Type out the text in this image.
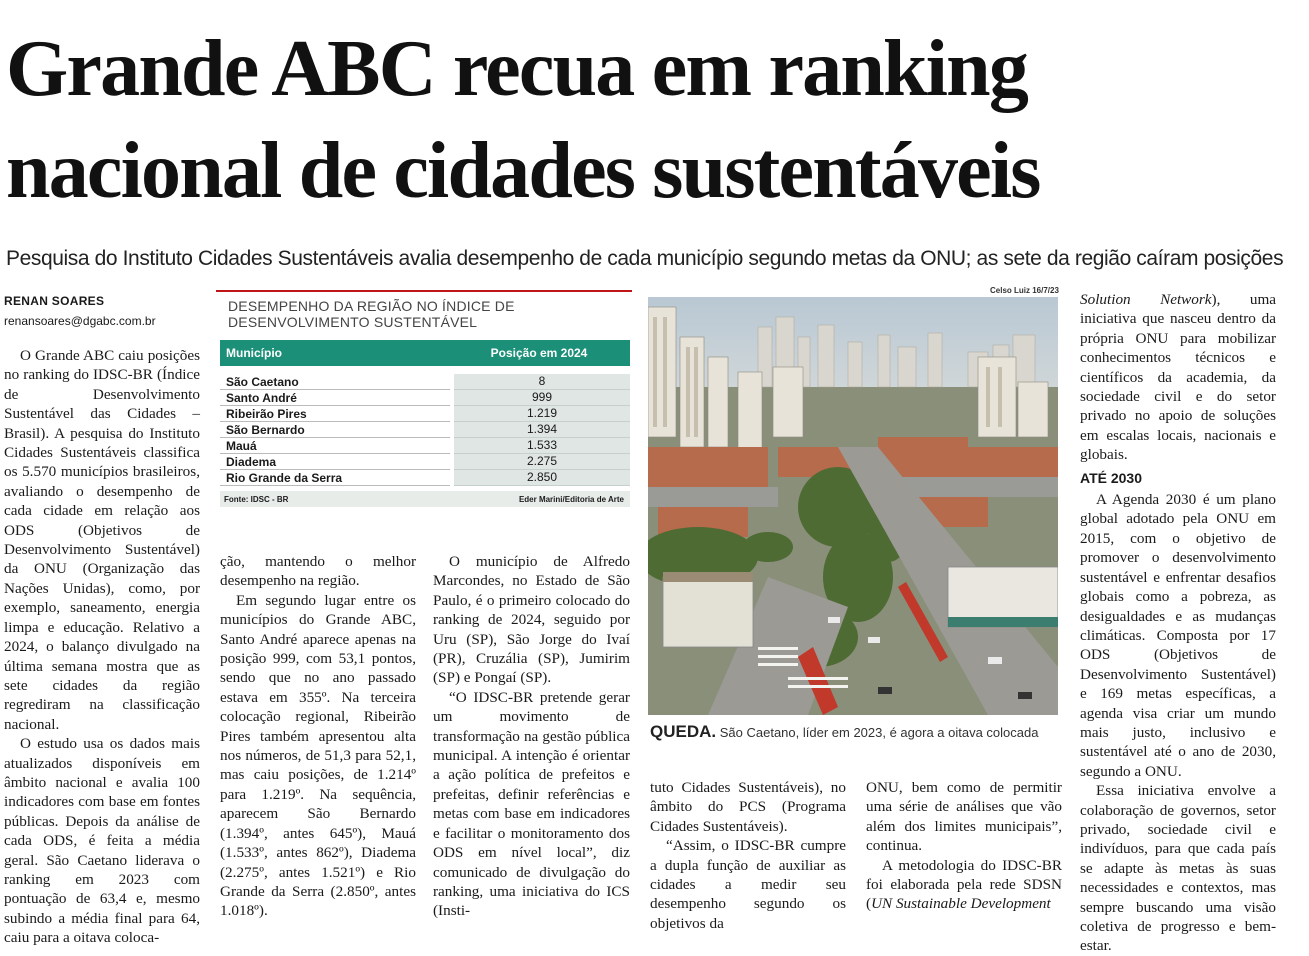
Grande ABC recua em ranking nacional de cidades sustentáveis

Pesquisa do Instituto Cidades Sustentáveis avalia desempenho de cada município segundo metas da ONU; as sete da região caíram posições

RENAN SOARES
renansoares@dgabc.com.br

O Grande ABC caiu posições no ranking do IDSC-BR (Índice de Desenvolvimento Sustentável das Cidades – Brasil). A pesquisa do Instituto Cidades Sustentáveis classifica os 5.570 municípios brasileiros, avaliando o desempenho de cada cidade em relação aos ODS (Objetivos de Desenvolvimento Sustentável) da ONU (Organização das Nações Unidas), como, por exemplo, saneamento, energia limpa e educação. Relativo a 2024, o balanço divulgado na última semana mostra que as sete cidades da região regrediram na classificação nacional.

O estudo usa os dados mais atualizados disponíveis em âmbito nacional e avalia 100 indicadores com base em fontes públicas. Depois da análise de cada ODS, é feita a média geral. São Caetano liderava o ranking em 2023 com pontuação de 63,4 e, mesmo subindo a média final para 64, caiu para a oitava coloca-

DESEMPENHO DA REGIÃO NO ÍNDICE DE DESENVOLVIMENTO SUSTENTÁVEL
Município	Posição em 2024
São Caetano	8
Santo André	999
Ribeirão Pires	1.219
São Bernardo	1.394
Mauá	1.533
Diadema	2.275
Rio Grande da Serra	2.850
Fonte: IDSC - BR	Eder Marini/Editoria de Arte

ção, mantendo o melhor desempenho na região.

Em segundo lugar entre os municípios do Grande ABC, Santo André aparece apenas na posição 999, com 53,1 pontos, sendo que no ano passado estava em 355º. Na terceira colocação regional, Ribeirão Pires também apresentou alta nos números, de 51,3 para 52,1, mas caiu posições, de 1.214º para 1.219º. Na sequência, aparecem São Bernardo (1.394º, antes 645º), Mauá (1.533º, antes 862º), Diadema (2.275º, antes 1.521º) e Rio Grande da Serra (2.850º, antes 1.018º).

O município de Alfredo Marcondes, no Estado de São Paulo, é o primeiro colocado do ranking de 2024, seguido por Uru (SP), São Jorge do Ivaí (PR), Cruzália (SP), Jumirim (SP) e Pongaí (SP).

“O IDSC-BR pretende gerar um movimento de transformação na gestão pública municipal. A intenção é orientar a ação política de prefeitos e prefeitas, definir referências e metas com base em indicadores e facilitar o monitoramento dos ODS em nível local”, diz comunicado de divulgação do ranking, uma iniciativa do ICS (Insti-

Celso Luiz 16/7/23
QUEDA. São Caetano, líder em 2023, é agora a oitava colocada

tuto Cidades Sustentáveis), no âmbito do PCS (Programa Cidades Sustentáveis).

“Assim, o IDSC-BR cumpre a dupla função de auxiliar as cidades a medir seu desempenho segundo os objetivos da

ONU, bem como de permitir uma série de análises que vão além dos limites municipais”, continua.

A metodologia do IDSC-BR foi elaborada pela rede SDSN (UN Sustainable Development

Solution Network), uma iniciativa que nasceu dentro da própria ONU para mobilizar conhecimentos técnicos e científicos da academia, da sociedade civil e do setor privado no apoio de soluções em escalas locais, nacionais e globais.

ATÉ 2030

A Agenda 2030 é um plano global adotado pela ONU em 2015, com o objetivo de promover o desenvolvimento sustentável e enfrentar desafios globais como a pobreza, as desigualdades e as mudanças climáticas. Composta por 17 ODS (Objetivos de Desenvolvimento Sustentável) e 169 metas específicas, a agenda visa criar um mundo mais justo, inclusivo e sustentável até o ano de 2030, segundo a ONU.

Essa iniciativa envolve a colaboração de governos, setor privado, sociedade civil e indivíduos, para que cada país se adapte às metas às suas necessidades e contextos, mas sempre buscando uma visão coletiva de progresso e bem-estar.
